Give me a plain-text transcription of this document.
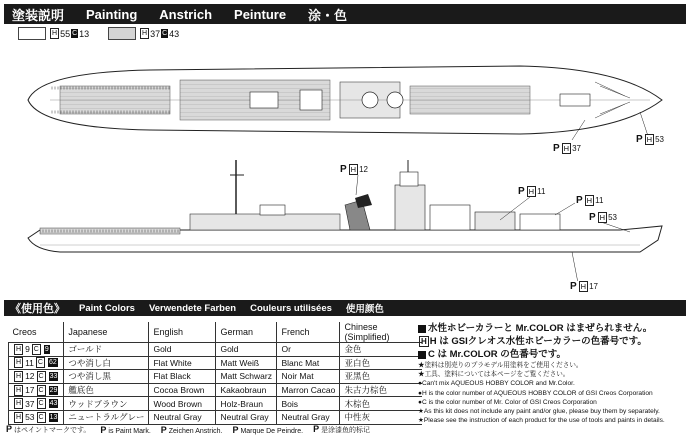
塗装説明 Painting Anstrich Peinture 涂・色
H 55 C 13	H 37 C 43
P H 37
P H 53
P H 12
P H 11
P H 11
P H 53
P H 17
《使用色》 Paint Colors Verwendete Farben Couleurs utilisées 使用颜色
Creos	Japanese	English	German	French	Chinese (Simplified)

H 9 C 9	ゴールド	Gold	Gold	Or	金色

H 11 C 62	つや消し白	Flat White	Matt Weiß	Blanc Mat	亚白色

H 12 C 33	つや消し黒	Flat Black	Matt Schwarz	Noir Mat	亚黑色

H 17 C 29	艦底色	Cocoa Brown	Kakaobraun	Marron Cacao	朱古力棕色

H 37 C 43	ウッドブラウン	Wood Brown	Holz-Braun	Bois	木棕色

H 53 C 13	ニュートラルグレー	Neutral Gray	Neutral Gray	Neutral Gray	中性灰
水性ホビーカラーと Mr.COLOR はまぜられません。
H H は GSIクレオス水性ホビーカラーの色番号です。
C は Mr.COLOR の色番号です。
★塗料は別売りのプラモデル用塗料をご使用ください。
★工具、塗料については本ページをご覧ください。
●Can't mix AQUEOUS HOBBY COLOR and Mr.Color.
●H is the color number of AQUEOUS HOBBY COLOR of GSI Creos Corporation
●C is the color number of Mr. Color of GSI Creos Corporation
★As this kit does not include any paint and/or glue, please buy them by separately.
★Please see the instruction of each product for the use of tools and paints in details.
P はペイントマークです。 P is Paint Mark. P Zeichen Anstrich. P Marque De Peindre. P 是涂漆鱼的标记
